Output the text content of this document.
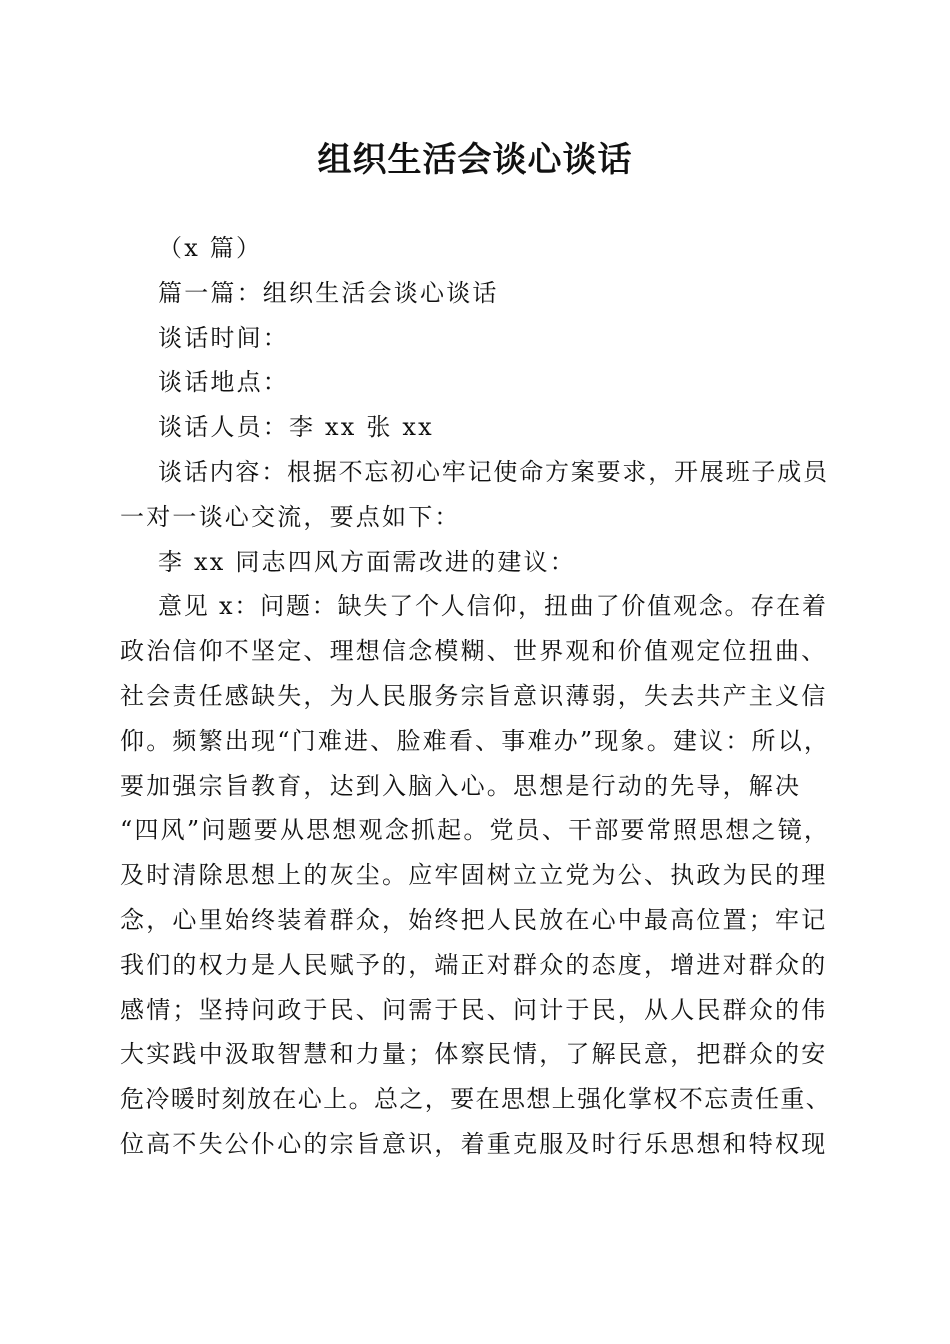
组织生活会谈心谈话
（x 篇）
篇一篇：组织生活会谈心谈话
谈话时间：
谈话地点：
谈话人员：李 xx 张 xx
谈话内容：根据不忘初心牢记使命方案要求，开展班子成员
一对一谈心交流，要点如下：
李 xx 同志四风方面需改进的建议：
意见 x：问题：缺失了个人信仰，扭曲了价值观念。存在着
政治信仰不坚定、理想信念模糊、世界观和价值观定位扭曲、
社会责任感缺失，为人民服务宗旨意识薄弱，失去共产主义信
仰。频繁出现“门难进、脸难看、事难办”现象。建议：所以，
要加强宗旨教育，达到入脑入心。思想是行动的先导，解决
“四风”问题要从思想观念抓起。党员、干部要常照思想之镜，
及时清除思想上的灰尘。应牢固树立立党为公、执政为民的理
念，心里始终装着群众，始终把人民放在心中最高位置；牢记
我们的权力是人民赋予的，端正对群众的态度，增进对群众的
感情；坚持问政于民、问需于民、问计于民，从人民群众的伟
大实践中汲取智慧和力量；体察民情，了解民意，把群众的安
危冷暖时刻放在心上。总之，要在思想上强化掌权不忘责任重、
位高不失公仆心的宗旨意识，着重克服及时行乐思想和特权现
